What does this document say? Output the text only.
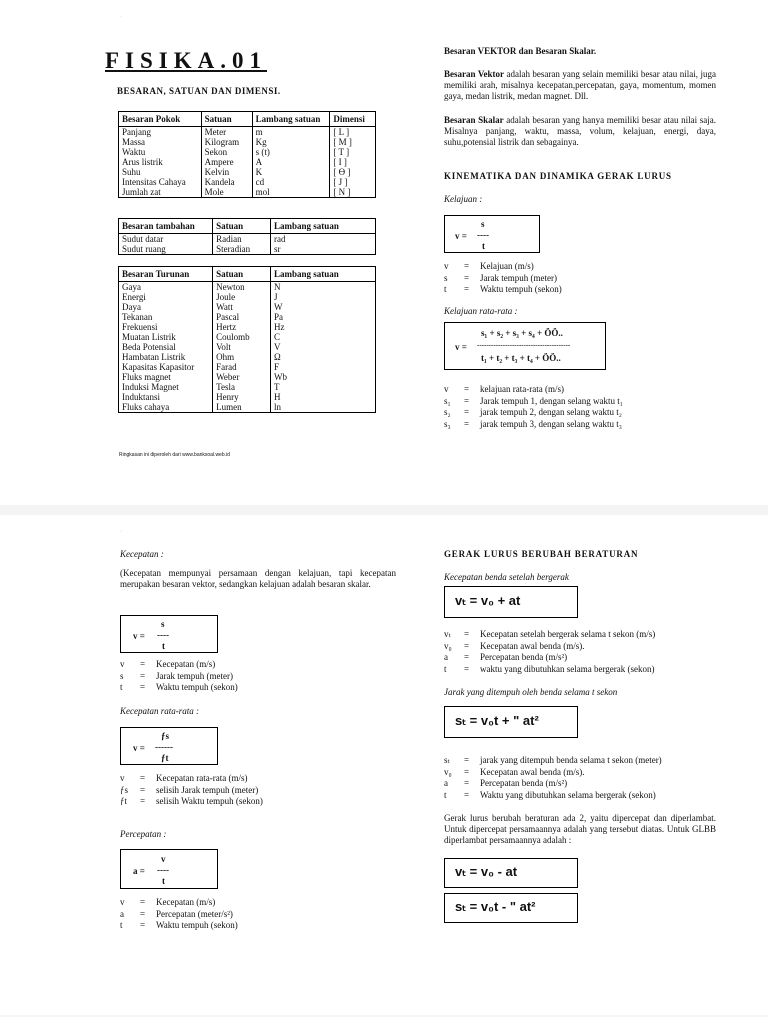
·
FISIKA.01
BESARAN, SATUAN DAN DIMENSI.
Besaran Pokok	Satuan	Lambang satuan	Dimensi
Panjang	Meter	m	[ L ]
Massa	Kilogram	Kg	[ M ]
Waktu	Sekon	s (t)	[ T ]
Arus listrik	Ampere	A	[ I ]
Suhu	Kelvin	K	[ Ɵ ]
Intensitas Cahaya	Kandela	cd	[ J ]
Jumlah zat	Mole	mol	[ N ]
Besaran tambahan	Satuan	Lambang satuan
Sudut datar	Radian	rad
Sudut ruang	Steradian	sr
Besaran Turunan	Satuan	Lambang satuan
Gaya	Newton	N
Energi	Joule	J
Daya	Watt	W
Tekanan	Pascal	Pa
Frekuensi	Hertz	Hz
Muatan Listrik	Coulomb	C
Beda Potensial	Volt	V
Hambatan Listrik	Ohm	Ω
Kapasitas Kapasitor	Farad	F
Fluks magnet	Weber	Wb
Induksi Magnet	Tesla	T
Induktansi	Henry	H
Fluks cahaya	Lumen	ln
Ringkasan ini diperoleh dari www.banksoal.web.id
Besaran VEKTOR dan Besaran Skalar.
Besaran Vektor adalah besaran yang selain memiliki besar atau nilai, juga memiliki arah, misalnya kecepatan,percepatan, gaya, momentum, momen gaya, medan listrik, medan magnet. Dll.
Besaran Skalar adalah besaran yang hanya memiliki besar atau nilai saja. Misalnya panjang, waktu, massa, volum, kelajuan, energi, daya, suhu,potensial listrik dan sebagainya.
KINEMATIKA DAN DINAMIKA GERAK LURUS
Kelajuan :
v =
s
----
t
v = Kelajuan (m/s)
s = Jarak tempuh (meter)
t = Waktu tempuh (sekon)
Kelajuan rata-rata :
v =
s₁ + s₂ + s₃ + s₄ + ÖÖ..
----------------------------------------
t₁ + t₂ + t₃ + t₄ + ÖÖ..
v = kelajuan rata-rata (m/s)
s₁ = Jarak tempuh 1, dengan selang waktu t₁
s₂ = jarak tempuh 2, dengan selang waktu t₂
s₃ = jarak tempuh 3, dengan selang waktu t₃
·
Kecepatan :
(Kecepatan mempunyai persamaan dengan kelajuan, tapi kecepatan merupakan besaran vektor, sedangkan kelajuan adalah besaran skalar.
v =
s
----
t
v = Kecepatan (m/s)
s = Jarak tempuh (meter)
t = Waktu tempuh (sekon)
Kecepatan rata-rata :
v =
ƒs
------
ƒt
v = Kecepatan rata-rata (m/s)
ƒs = selisih Jarak tempuh (meter)
ƒt = selisih Waktu tempuh (sekon)
Percepatan :
a =
v
----
t
v = Kecepatan (m/s)
a = Percepatan (meter/s²)
t = Waktu tempuh (sekon)
GERAK LURUS BERUBAH BERATURAN
Kecepatan benda setelah bergerak
vₜ = v₀ + at
vₜ = Kecepatan setelah bergerak selama t sekon (m/s)
v₀ = Kecepatan awal benda (m/s).
a = Percepatan benda (m/s²)
t = waktu yang dibutuhkan selama bergerak (sekon)
Jarak yang ditempuh oleh benda selama t sekon
sₜ = v₀t + " at²
sₜ = jarak yang ditempuh benda selama t sekon (meter)
v₀ = Kecepatan awal benda (m/s).
a = Percepatan benda (m/s²)
t = Waktu yang dibutuhkan selama bergerak (sekon)
Gerak lurus berubah beraturan ada 2, yaitu dipercepat dan diperlambat. Untuk dipercepat persamaannya adalah yang tersebut diatas. Untuk GLBB diperlambat persamaannya adalah :
vₜ = v₀ - at
sₜ = v₀t - " at²
